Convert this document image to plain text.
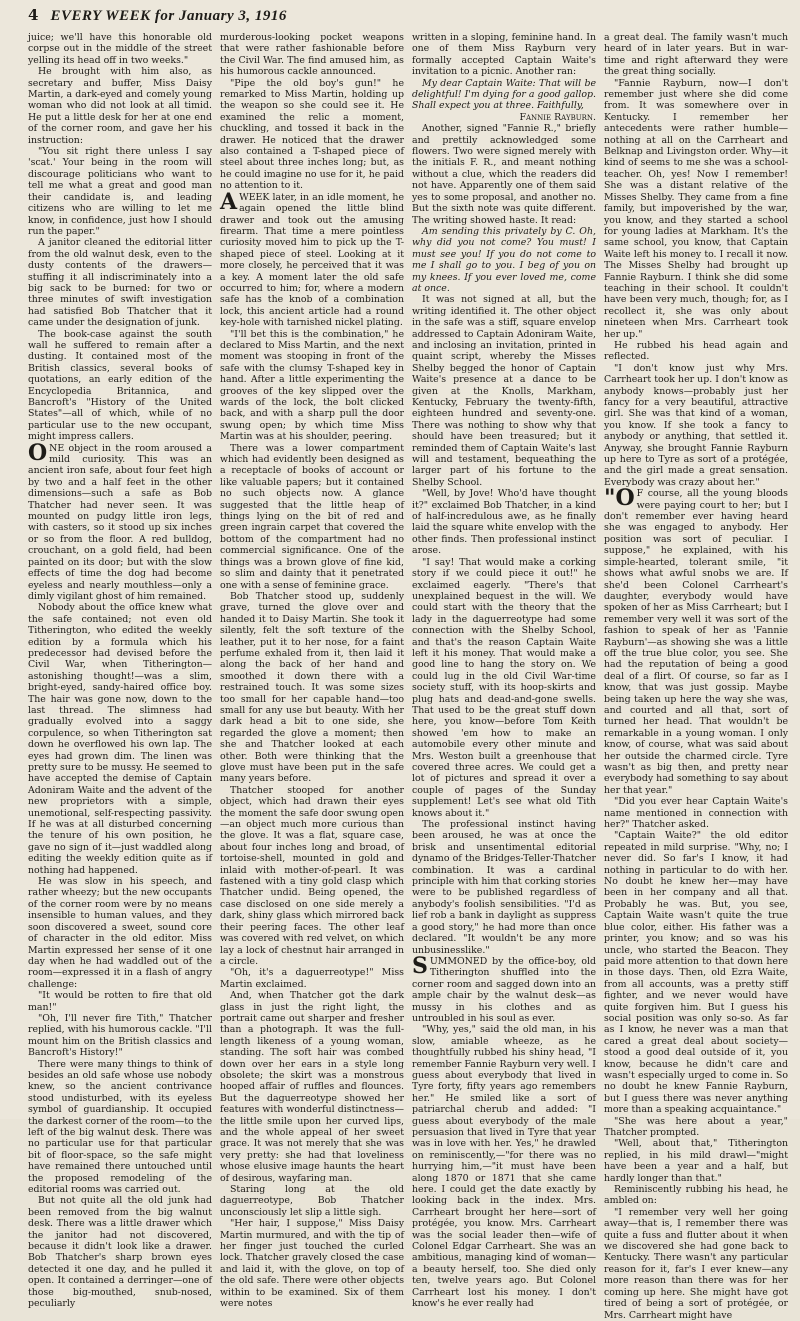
4 EVERY WEEK for January 3, 1916

juice; we'll have this honorable old corpse out in the middle of the street yelling its head off in two weeks."

He brought with him also, as secretary and buffer, Miss Daisy Martin, a dark-eyed and comely young woman who did not look at all timid. He put a little desk for her at one end of the corner room, and gave her his instruction:

"You sit right there unless I say 'scat.' Your being in the room will discourage politicians who want to tell me what a great and good man their candidate is, and leading citizens who are willing to let me know, in confidence, just how I should run the paper."

A janitor cleaned the editorial litter from the old walnut desk, even to the dusty contents of the drawers—stuffing it all indiscriminately into a big sack to be burned: for two or three minutes of swift investigation had satisfied Bob Thatcher that it came under the designation of junk.

The book-case against the south wall he suffered to remain after a dusting. It contained most of the British classics, several books of quotations, an early edition of the Encyclopedia Britannica, and Bancroft's "History of the United States"—all of which, while of no particular use to the new occupant, might impress callers.

ONE object in the room aroused a mild curiosity. This was an ancient iron safe, about four feet high by two and a half feet in the other dimensions—such a safe as Bob Thatcher had never seen. It was mounted on pudgy little iron legs, with casters, so it stood up six inches or so from the floor. A red bulldog, crouchant, on a gold field, had been painted on its door; but with the slow effects of time the dog had become eyeless and nearly mouthless—only a dimly vigilant ghost of him remained.

Nobody about the office knew what the safe contained; not even old Titherington, who edited the weekly edition by a formula which his predecessor had devised before the Civil War, when Titherington—astonishing thought!—was a slim, bright-eyed, sandy-haired office boy. The hair was gone now, down to the last thread. The slimness had gradually evolved into a saggy corpulence, so when Titherington sat down he overflowed his own lap. The eyes had grown dim. The linen was pretty sure to be mussy. He seemed to have accepted the demise of Captain Adoniram Waite and the advent of the new proprietors with a simple, unemotional, self-respecting passivity. If he was at all disturbed concerning the tenure of his own position, he gave no sign of it—just waddled along editing the weekly edition quite as if nothing had happened.

He was slow in his speech, and rather wheezy; but the new occupants of the corner room were by no means insensible to human values, and they soon discovered a sweet, sound core of character in the old editor. Miss Martin expressed her sense of it one day when he had waddled out of the room—expressed it in a flash of angry challenge:

"It would be rotten to fire that old man!"

"Oh, I'll never fire Tith," Thatcher replied, with his humorous cackle. "I'll mount him on the British classics and Bancroft's History!"

There were many things to think of besides an old safe whose use nobody knew, so the ancient contrivance stood undisturbed, with its eyeless symbol of guardianship. It occupied the darkest corner of the room—to the left of the big walnut desk. There was no particular use for that particular bit of floor-space, so the safe might have remained there untouched until the proposed remodeling of the editorial rooms was carried out.

But not quite all the old junk had been removed from the big walnut desk. There was a little drawer which the janitor had not discovered, because it didn't look like a drawer. Bob Thatcher's sharp brown eyes detected it one day, and he pulled it open. It contained a derringer—one of those big-mouthed, snub-nosed, peculiarly

murderous-looking pocket weapons that were rather fashionable before the Civil War. The find amused him, as his humorous cackle announced.

"Pipe the old boy's gun!" he remarked to Miss Martin, holding up the weapon so she could see it. He examined the relic a moment, chuckling, and tossed it back in the drawer. He noticed that the drawer also contained a T-shaped piece of steel about three inches long; but, as he could imagine no use for it, he paid no attention to it.

AWEEK later, in an idle moment, he again opened the little blind drawer and took out the amusing firearm. That time a mere pointless curiosity moved him to pick up the T-shaped piece of steel. Looking at it more closely, he perceived that it was a key. A moment later the old safe occurred to him; for, where a modern safe has the knob of a combination lock, this ancient article had a round key-hole with tarnished nickel plating.

"I'll bet this is the combination," he declared to Miss Martin, and the next moment was stooping in front of the safe with the clumsy T-shaped key in hand. After a little experimenting the grooves of the key slipped over the wards of the lock, the bolt clicked back, and with a sharp pull the door swung open; by which time Miss Martin was at his shoulder, peering.

There was a lower compartment which had evidently been designed as a receptacle of books of account or like valuable papers; but it contained no such objects now. A glance suggested that the little heap of things lying on the bit of red and green ingrain carpet that covered the bottom of the compartment had no commercial significance. One of the things was a brown glove of fine kid, so slim and dainty that it penetrated one with a sense of feminine grace.

Bob Thatcher stood up, suddenly grave, turned the glove over and handed it to Daisy Martin. She took it silently, felt the soft texture of the leather, put it to her nose, for a faint perfume exhaled from it, then laid it along the back of her hand and smoothed it down there with a restrained touch. It was some sizes too small for her capable hand—too small for any use but beauty. With her dark head a bit to one side, she regarded the glove a moment; then she and Thatcher looked at each other. Both were thinking that the glove must have been put in the safe many years before.

Thatcher stooped for another object, which had drawn their eyes the moment the safe door swung open—an object much more curious than the glove. It was a flat, square case, about four inches long and broad, of tortoise-shell, mounted in gold and inlaid with mother-of-pearl. It was fastened with a tiny gold clasp which Thatcher undid. Being opened, the case disclosed on one side merely a dark, shiny glass which mirrored back their peering faces. The other leaf was covered with red velvet, on which lay a lock of chestnut hair arranged in a circle.

"Oh, it's a daguerreotype!" Miss Martin exclaimed.

And, when Thatcher got the dark glass in just the right light, the portrait came out sharper and fresher than a photograph. It was the full-length likeness of a young woman, standing. The soft hair was combed down over her ears in a style long obsolete; the skirt was a monstrous hooped affair of ruffles and flounces. But the daguerreotype showed her features with wonderful distinctness—the little smile upon her curved lips, and the whole appeal of her sweet grace. It was not merely that she was very pretty: she had that loveliness whose elusive image haunts the heart of desirous, wayfaring man.

Staring long at the old daguerreotype, Bob Thatcher unconsciously let slip a little sigh.

"Her hair, I suppose," Miss Daisy Martin murmured, and with the tip of her finger just touched the curled lock. Thatcher gravely closed the case and laid it, with the glove, on top of the old safe. There were other objects within to be examined. Six of them were notes

written in a sloping, feminine hand. In one of them Miss Rayburn very formally accepted Captain Waite's invitation to a picnic. Another ran:

My dear Captain Waite: That will be delightful! I'm dying for a good gallop. Shall expect you at three. Faithfully,

Fannie Rayburn.

Another, signed "Fannie R.," briefly and prettily acknowledged some flowers. Two were signed merely with the initials F. R., and meant nothing without a clue, which the readers did not have. Apparently one of them said yes to some proposal, and another no. But the sixth note was quite different. The writing showed haste. It read:

Am sending this privately by C. Oh, why did you not come? You must! I must see you! If you do not come to me I shall go to you. I beg of you on my knees. If you ever loved me, come at once.

It was not signed at all, but the writing identified it. The other object in the safe was a stiff, square envelop addressed to Captain Adoniram Waite, and inclosing an invitation, printed in quaint script, whereby the Misses Shelby begged the honor of Captain Waite's presence at a dance to be given at the Knolls, Markham, Kentucky, February the twenty-fifth, eighteen hundred and seventy-one. There was nothing to show why that should have been treasured; but it reminded them of Captain Waite's last will and testament, bequeathing the larger part of his fortune to the Shelby School.

"Well, by Jove! Who'd have thought it?" exclaimed Bob Thatcher, in a kind of half-incredulous awe, as he finally laid the square white envelop with the other finds. Then professional instinct arose.

"I say! That would make a corking story if we could piece it out!" he exclaimed eagerly. "There's that unexplained bequest in the will. We could start with the theory that the lady in the daguerreotype had some connection with the Shelby School, and that's the reason Captain Waite left it his money. That would make a good line to hang the story on. We could lug in the old Civil War-time society stuff, with its hoop-skirts and plug hats and dead-and-gone swells. That used to be the great stuff down here, you know—before Tom Keith showed 'em how to make an automobile every other minute and Mrs. Weston built a greenhouse that covered three acres. We could get a lot of pictures and spread it over a couple of pages of the Sunday supplement! Let's see what old Tith knows about it."

The professional instinct having been aroused, he was at once the brisk and unsentimental editorial dynamo of the Bridges-Teller-Thatcher combination. It was a cardinal principle with him that corking stories were to be published regardless of anybody's foolish sensibilities. "I'd as lief rob a bank in daylight as suppress a good story," he had more than once declared. "It wouldn't be any more unbusinesslike."

SUMMONED by the office-boy, old Titherington shuffled into the corner room and sagged down into an ample chair by the walnut desk—as mussy in his clothes and as untroubled in his soul as ever.

"Why, yes," said the old man, in his slow, amiable wheeze, as he thoughtfully rubbed his shiny head, "I remember Fannie Rayburn very well. I guess about everybody that lived in Tyre forty, fifty years ago remembers her." He smiled like a sort of patriarchal cherub and added: "I guess about everybody of the male persuasion that lived in Tyre that year was in love with her. Yes," he drawled on reminiscently,—"for there was no hurrying him,—"it must have been along 1870 or 1871 that she came here. I could get the date exactly by looking back in the index. Mrs. Carrheart brought her here—sort of protégée, you know. Mrs. Carrheart was the social leader then—wife of Colonel Edgar Carrheart. She was an ambitious, managing kind of woman—a beauty herself, too. She died only ten, twelve years ago. But Colonel Carrheart lost his money. I don't know's he ever really had

a great deal. The family wasn't much heard of in later years. But in war-time and right afterward they were the great thing socially.

"Fannie Rayburn, now—I don't remember just where she did come from. It was somewhere over in Kentucky. I remember her antecedents were rather humble—nothing at all on the Carrheart and Belknap and Livingston order. Why—it kind of seems to me she was a school-teacher. Oh, yes! Now I remember! She was a distant relative of the Misses Shelby. They came from a fine family, but impoverished by the war, you know, and they started a school for young ladies at Markham. It's the same school, you know, that Captain Waite left his money to. I recall it now. The Misses Shelby had brought up Fannie Rayburn. I think she did some teaching in their school. It couldn't have been very much, though; for, as I recollect it, she was only about nineteen when Mrs. Carrheart took her up."

He rubbed his head again and reflected.

"I don't know just why Mrs. Carrheart took her up. I don't know as anybody knows—probably just her fancy for a very beautiful, attractive girl. She was that kind of a woman, you know. If she took a fancy to anybody or anything, that settled it. Anyway, she brought Fannie Rayburn up here to Tyre as sort of a protégée, and the girl made a great sensation. Everybody was crazy about her."

"OF course, all the young bloods were paying court to her; but I don't remember ever having heard she was engaged to anybody. Her position was sort of peculiar. I suppose," he explained, with his simple-hearted, tolerant smile, "it shows what awful snobs we are. If she'd been Colonel Carrheart's daughter, everybody would have spoken of her as Miss Carrheart; but I remember very well it was sort of the fashion to speak of her as 'Fannie Rayburn'—as showing she was a little off the true blue color, you see. She had the reputation of being a good deal of a flirt. Of course, so far as I know, that was just gossip. Maybe being taken up here the way she was, and courted and all that, sort of turned her head. That wouldn't be remarkable in a young woman. I only know, of course, what was said about her outside the charmed circle. Tyre wasn't as big then, and pretty near everybody had something to say about her that year."

"Did you ever hear Captain Waite's name mentioned in connection with her?" Thatcher asked.

"Captain Waite?" the old editor repeated in mild surprise. "Why, no; I never did. So far's I know, it had nothing in particular to do with her. No doubt he knew her—may have been in her company and all that. Probably he was. But, you see, Captain Waite wasn't quite the true blue color, either. His father was a printer, you know; and so was his uncle, who started the Beacon. They paid more attention to that down here in those days. Then, old Ezra Waite, from all accounts, was a pretty stiff fighter, and we never would have quite forgiven him. But I guess his social position was only so-so. As far as I know, he never was a man that cared a great deal about society—stood a good deal outside of it, you know, because he didn't care and wasn't especially urged to come in. So no doubt he knew Fannie Rayburn, but I guess there was never anything more than a speaking acquaintance."

"She was here about a year," Thatcher prompted.

"Well, about that," Titherington replied, in his mild drawl—"might have been a year and a half, but hardly longer than that."

Reminiscently rubbing his head, he ambled on:

"I remember very well her going away—that is, I remember there was quite a fuss and flutter about it when we discovered she had gone back to Kentucky. There wasn't any particular reason for it, far's I ever knew—any more reason than there was for her coming up here. She might have got tired of being a sort of protégée, or Mrs. Carrheart might have
